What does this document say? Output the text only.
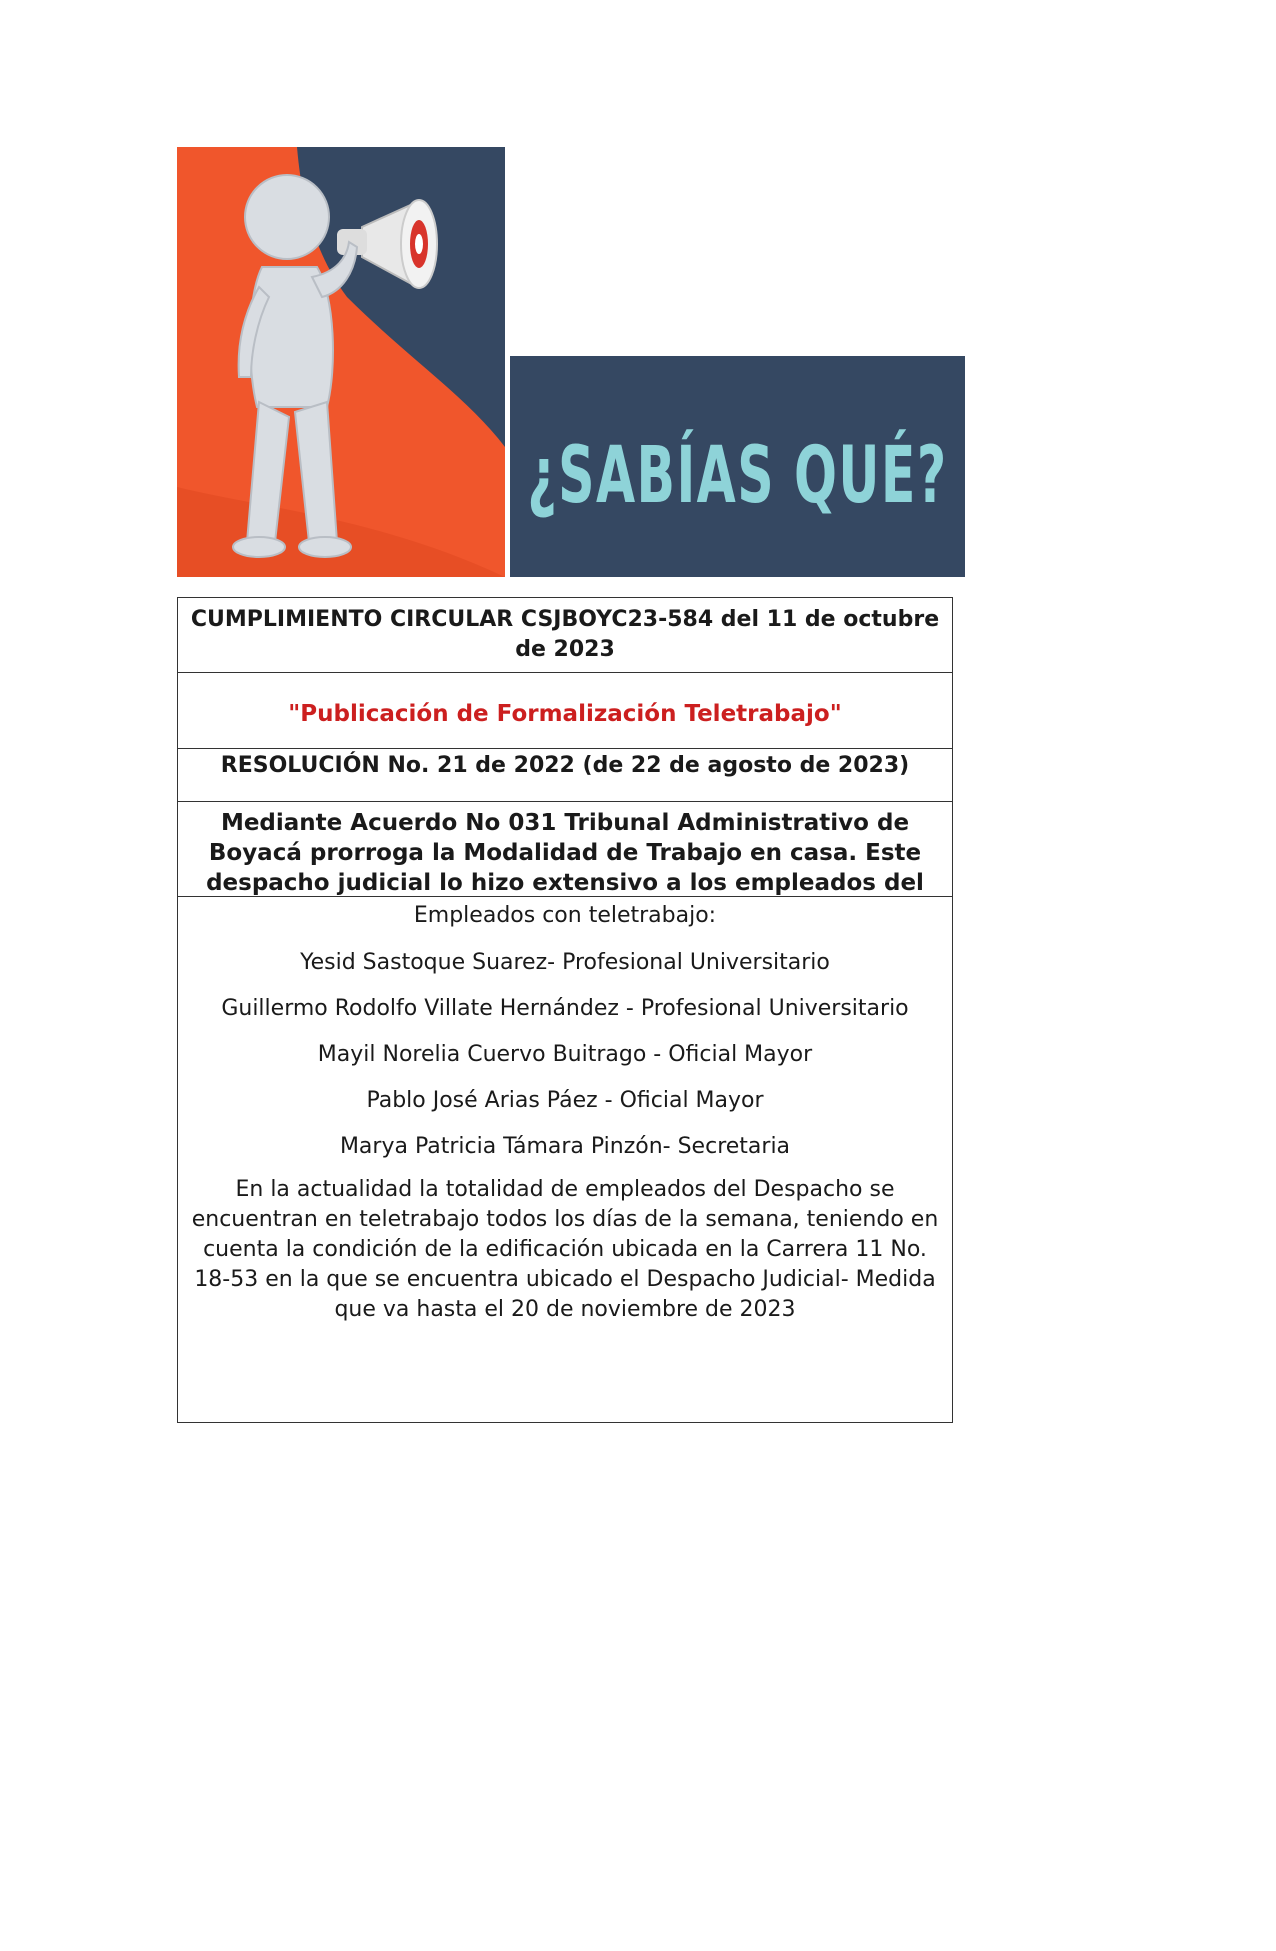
¿SABÍAS QUÉ?
CUMPLIMIENTO CIRCULAR CSJBOYC23-584 del 11 de octubre de 2023
"Publicación de Formalización Teletrabajo"
RESOLUCIÓN No. 21 de 2022 (de 22 de agosto de 2023)
Mediante Acuerdo No 031 Tribunal Administrativo de Boyacá prorroga la Modalidad de Trabajo en casa. Este despacho judicial lo hizo extensivo a los empleados del
Empleados con teletrabajo:
Yesid Sastoque Suarez- Profesional Universitario
Guillermo Rodolfo Villate Hernández - Profesional Universitario
Mayil Norelia Cuervo Buitrago - Oficial Mayor
Pablo José Arias Páez - Oficial Mayor
Marya Patricia Támara Pinzón- Secretaria
En la actualidad la totalidad de empleados del Despacho se encuentran en teletrabajo todos los días de la semana, teniendo en cuenta la condición de la edificación ubicada en la Carrera 11 No. 18-53 en la que se encuentra ubicado el Despacho Judicial- Medida que va hasta el 20 de noviembre de 2023
